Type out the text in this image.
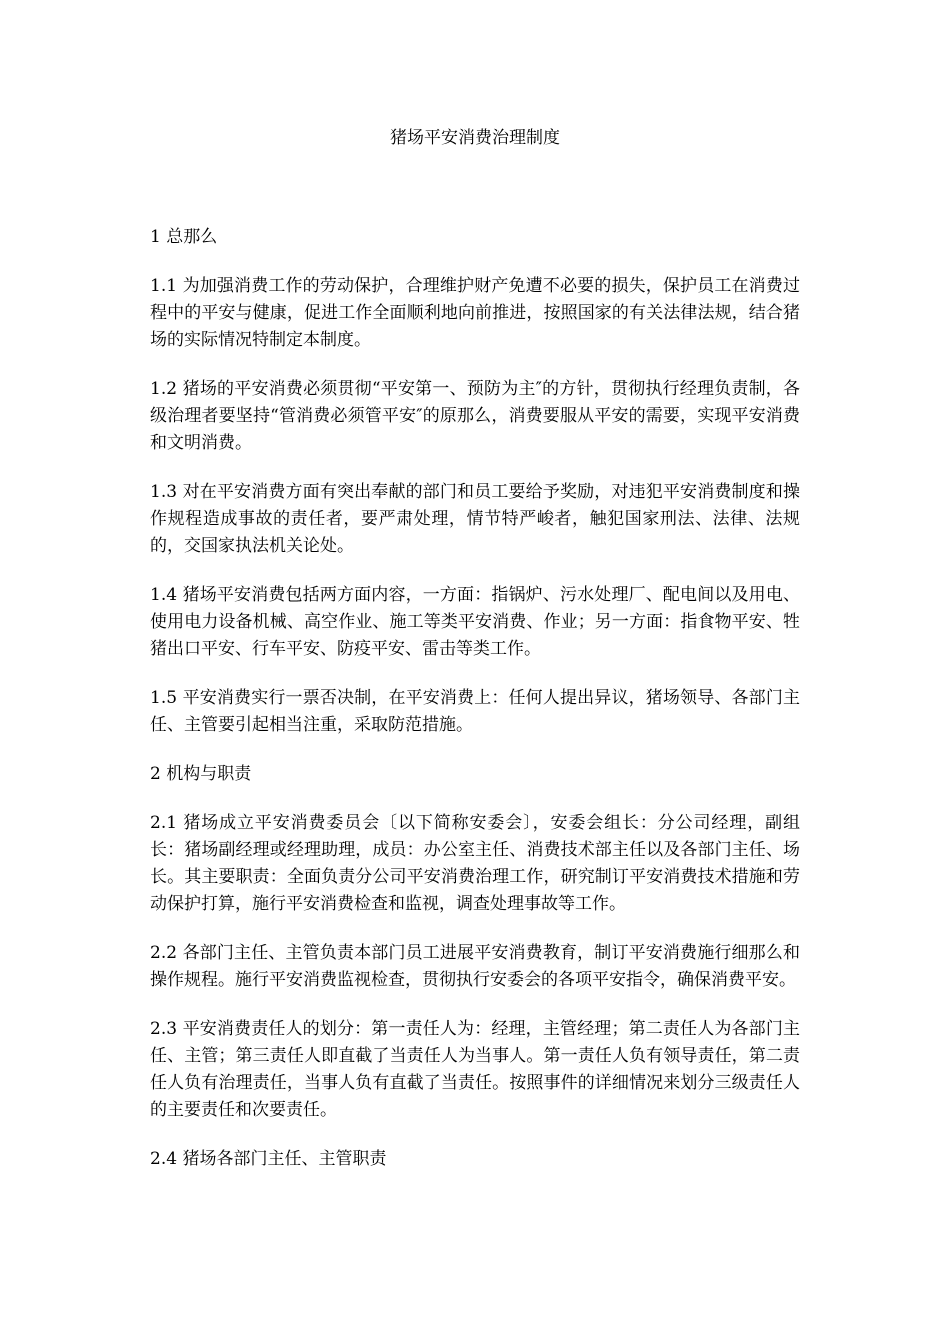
猪场平安消费治理制度

1 总那么

1.1 为加强消费工作的劳动保护，合理维护财产免遭不必要的损失，保护员工在消费过程中的平安与健康，促进工作全面顺利地向前推进，按照国家的有关法律法规，结合猪场的实际情况特制定本制度。

1.2 猪场的平安消费必须贯彻“平安第一、预防为主″的方针，贯彻执行经理负责制，各级治理者要坚持“管消费必须管平安″的原那么，消费要服从平安的需要，实现平安消费和文明消费。

1.3 对在平安消费方面有突出奉献的部门和员工要给予奖励，对违犯平安消费制度和操作规程造成事故的责任者，要严肃处理，情节特严峻者，触犯国家刑法、法律、法规的，交国家执法机关论处。

1.4 猪场平安消费包括两方面内容，一方面：指锅炉、污水处理厂、配电间以及用电、使用电力设备机械、高空作业、施工等类平安消费、作业；另一方面：指食物平安、牲猪出口平安、行车平安、防疫平安、雷击等类工作。

1.5 平安消费实行一票否决制，在平安消费上：任何人提出异议，猪场领导、各部门主任、主管要引起相当注重，采取防范措施。

2 机构与职责

2.1 猪场成立平安消费委员会〔以下简称安委会〕，安委会组长：分公司经理，副组长：猪场副经理或经理助理，成员：办公室主任、消费技术部主任以及各部门主任、场长。其主要职责：全面负责分公司平安消费治理工作，研究制订平安消费技术措施和劳动保护打算，施行平安消费检查和监视，调查处理事故等工作。

2.2 各部门主任、主管负责本部门员工进展平安消费教育，制订平安消费施行细那么和操作规程。施行平安消费监视检查，贯彻执行安委会的各项平安指令，确保消费平安。

2.3 平安消费责任人的划分：第一责任人为：经理，主管经理；第二责任人为各部门主任、主管；第三责任人即直截了当责任人为当事人。第一责任人负有领导责任，第二责任人负有治理责任，当事人负有直截了当责任。按照事件的详细情况来划分三级责任人的主要责任和次要责任。

2.4 猪场各部门主任、主管职责
